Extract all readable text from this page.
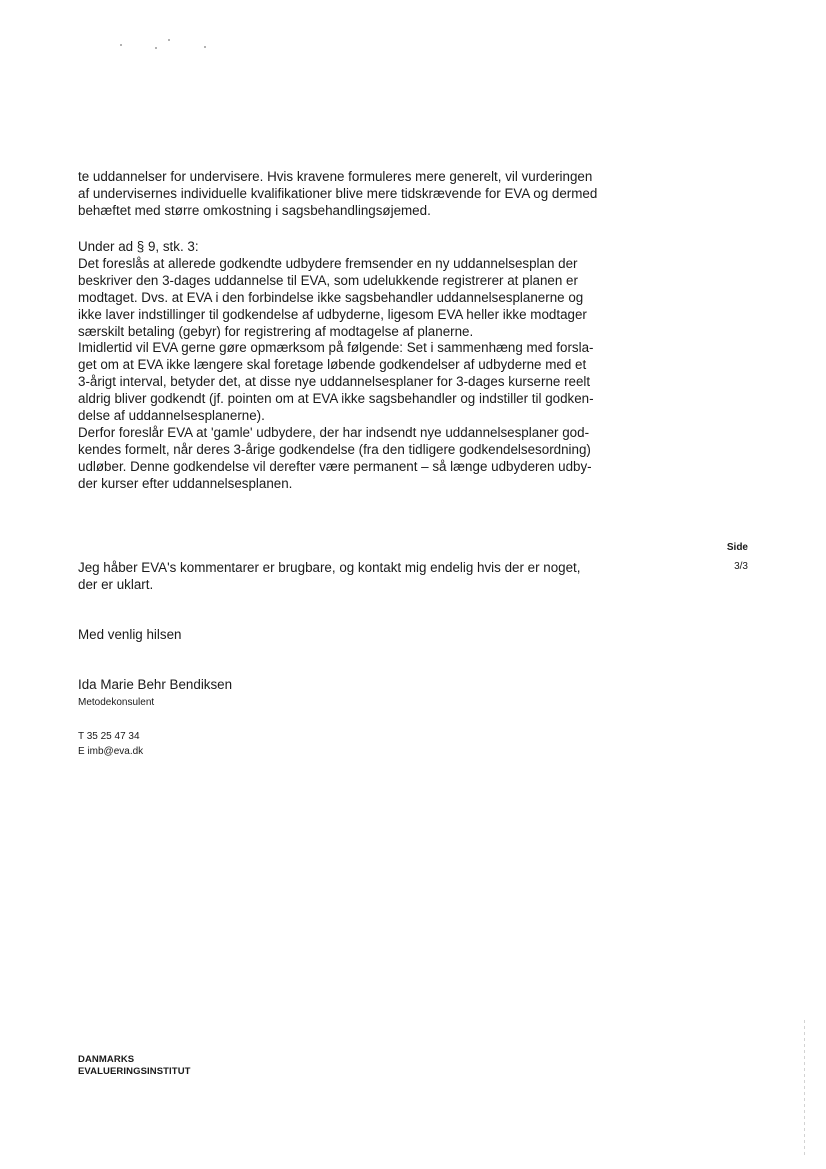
te uddannelser for undervisere. Hvis kravene formuleres mere generelt, vil vurderingen

af undervisernes individuelle kvalifikationer blive mere tidskrævende for EVA og dermed

behæftet med større omkostning i sagsbehandlingsøjemed.

Under ad § 9, stk. 3:

Det foreslås at allerede godkendte udbydere fremsender en ny uddannelsesplan der

beskriver den 3-dages uddannelse til EVA, som udelukkende registrerer at planen er

modtaget. Dvs. at EVA i den forbindelse ikke sagsbehandler uddannelsesplanerne og

ikke laver indstillinger til godkendelse af udbyderne, ligesom EVA heller ikke modtager

særskilt betaling (gebyr) for registrering af modtagelse af planerne.

Imidlertid vil EVA gerne gøre opmærksom på følgende: Set i sammenhæng med forsla-

get om at EVA ikke længere skal foretage løbende godkendelser af udbyderne med et

3-årigt interval, betyder det, at disse nye uddannelsesplaner for 3-dages kurserne reelt

aldrig bliver godkendt (jf. pointen om at EVA ikke sagsbehandler og indstiller til godken-

delse af uddannelsesplanerne).

Derfor foreslår EVA at 'gamle' udbydere, der har indsendt nye uddannelsesplaner god-

kendes formelt, når deres 3-årige godkendelse (fra den tidligere godkendelsesordning)

udløber. Denne godkendelse vil derefter være permanent – så længe udbyderen udby-

der kurser efter uddannelsesplanen.

Side
3/3

Jeg håber EVA's kommentarer er brugbare, og kontakt mig endelig hvis der er noget,

der er uklart.

Med venlig hilsen
Ida Marie Behr Bendiksen
Metodekonsulent
T 35 25 47 34
E imb@eva.dk
DANMARKS
EVALUERINGSINSTITUT
